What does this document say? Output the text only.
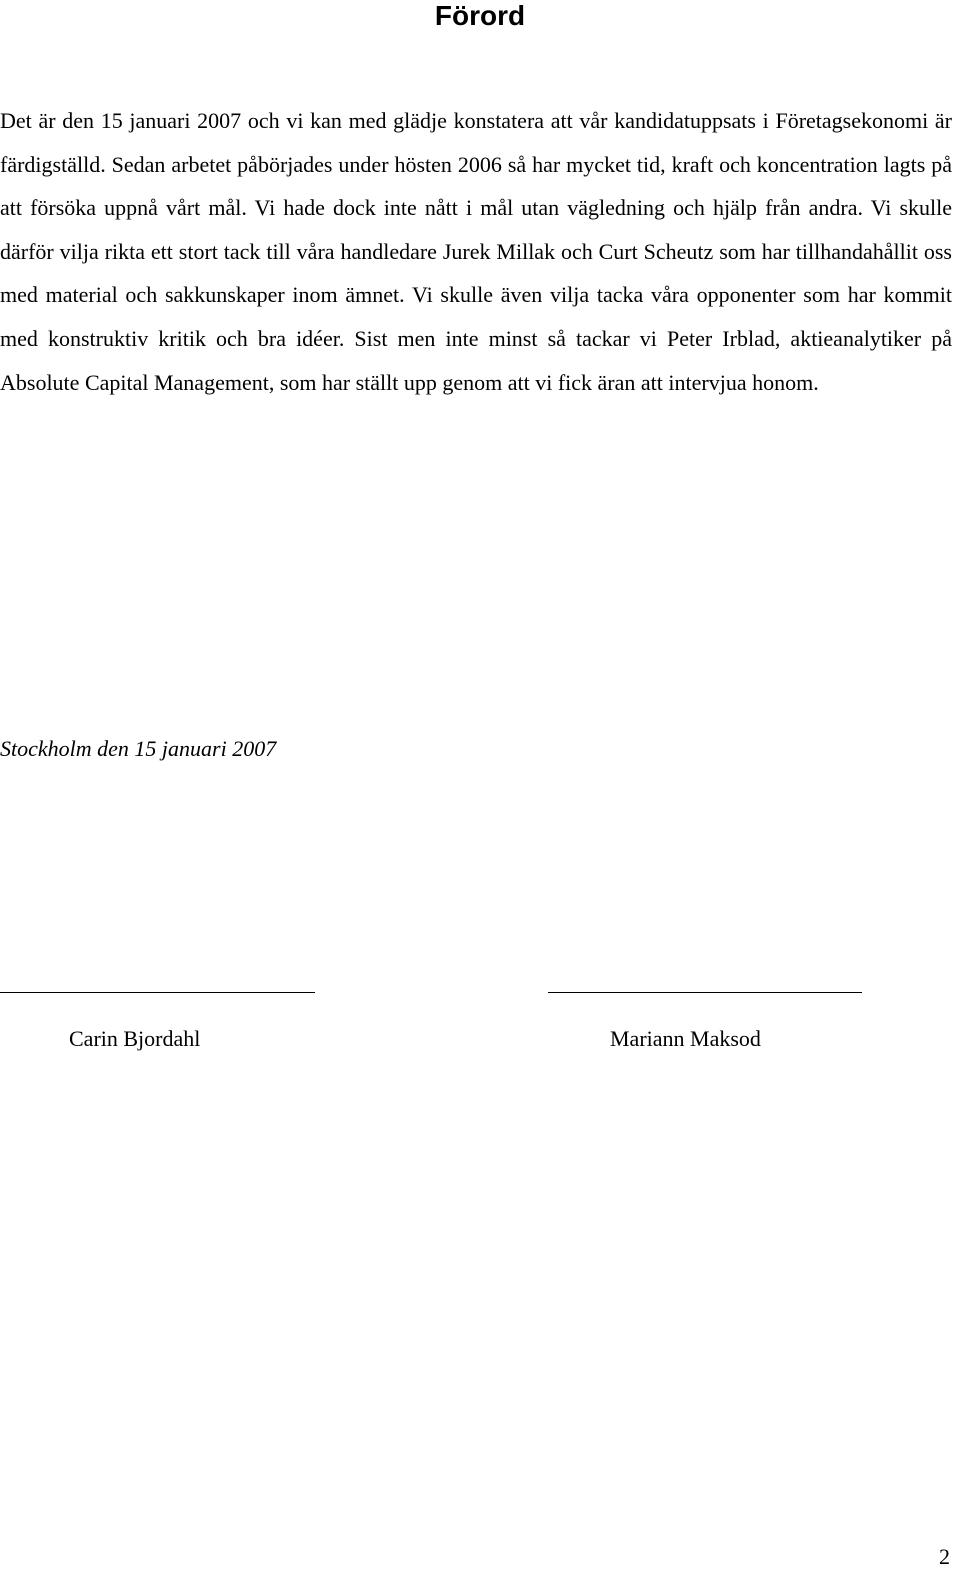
Förord

Det är den 15 januari 2007 och vi kan med glädje konstatera att vår kandidatuppsats i Företagsekonomi är färdigställd. Sedan arbetet påbörjades under hösten 2006 så har mycket tid, kraft och koncentration lagts på att försöka uppnå vårt mål. Vi hade dock inte nått i mål utan vägledning och hjälp från andra. Vi skulle därför vilja rikta ett stort tack till våra handledare Jurek Millak och Curt Scheutz som har tillhandahållit oss med material och sakkunskaper inom ämnet. Vi skulle även vilja tacka våra opponenter som har kommit med konstruktiv kritik och bra idéer. Sist men inte minst så tackar vi Peter Irblad, aktieanalytiker på Absolute Capital Management, som har ställt upp genom att vi fick äran att intervjua honom.

Stockholm den 15 januari 2007

Carin Bjordahl	Mariann Maksod

2
